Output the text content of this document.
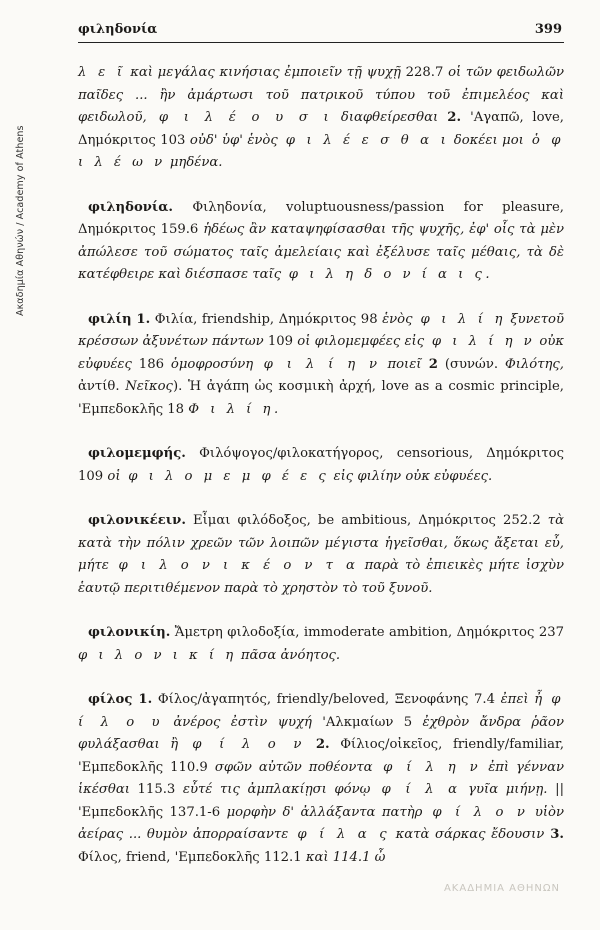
φιληδονία	399
Ακαδημία Αθηνών / Academy of Athens

λ ε ῖ καὶ μεγάλας κινήσιας ἐμποιεῖν τῇ ψυχῇ 228.7 οἱ τῶν φειδωλῶν παῖδες ... ἢν ἀμάρτωσι τοῦ πατρικοῦ τύπου τοῦ ἐπιμελέος καὶ φειδωλοῦ, φ ι λ έ ο υ σ ι διαφθείρεσθαι 2. 'Αγαπῶ, love, Δημόκριτος 103 οὐδ' ὑφ' ἑνὸς φ ι λ έ ε σ θ α ι δοκέει μοι ὁ φ ι λ έ ω ν μηδένα.

φιληδονία. Φιληδονία, voluptuousness/passion for pleasure, Δημόκριτος 159.6 ἡδέως ἂν καταψηφίσασθαι τῆς ψυχῆς, ἐφ' οἷς τὰ μὲν ἀπώλεσε τοῦ σώματος ταῖς ἀμελείαις καὶ ἐξέλυσε ταῖς μέθαις, τὰ δὲ κατέφθειρε καὶ διέσπασε ταῖς φ ι λ η δ ο ν ί α ι ς.

φιλίη 1. Φιλία, friendship, Δημόκριτος 98 ἑνὸς φ ι λ ί η ξυνετοῦ κρέσσων ἀξυνέτων πάντων 109 οἱ φιλομεμφέες εἰς φ ι λ ί η ν οὐκ εὐφυέες 186 ὁμοφροσύνη φ ι λ ί η ν ποιεῖ 2 (συνών. Φιλότης, ἀντίθ. Νεῖκος). Ἡ ἀγάπη ὡς κοσμικὴ ἀρχή, love as a cosmic principle, 'Εμπεδοκλῆς 18 Φ ι λ ί η.

φιλομεμφής. Φιλόψογος/φιλοκατήγορος, censorious, Δημόκριτος 109 οἱ φ ι λ ο μ ε μ φ έ ε ς εἰς φιλίην οὐκ εὐφυέες.

φιλονικέειν. Εἶμαι φιλόδοξος, be ambitious, Δημόκριτος 252.2 τὰ κατὰ τὴν πόλιν χρεῶν τῶν λοιπῶν μέγιστα ἡγεῖσθαι, ὅκως ἄξεται εὖ, μήτε φ ι λ ο ν ι κ έ ο ν τ α παρὰ τὸ ἐπιεικὲς μήτε ἰσχὺν ἑαυτῷ περιτιθέμενον παρὰ τὸ χρηστὸν τὸ τοῦ ξυνοῦ.

φιλονικίη. Ἄμετρη φιλοδοξία, immoderate ambition, Δημόκριτος 237 φ ι λ ο ν ι κ ί η πᾶσα ἀνόητος.

φίλος 1. Φίλος/ἀγαπητός, friendly/beloved, Ξενοφάνης 7.4 ἐπεὶ ἦ φ ί λ ο υ ἀνέρος ἐστὶν ψυχή 'Αλκμαίων 5 ἐχθρὸν ἄνδρα ῥᾶον φυλάξασθαι ἢ φ ί λ ο ν 2. Φίλιος/οἰκεῖος, friendly/familiar, 'Εμπεδοκλῆς 110.9 σφῶν αὐτῶν ποθέοντα φ ί λ η ν ἐπὶ γένναν ἱκέσθαι 115.3 εὖτέ τις ἀμπλακίῃσι φόνῳ φ ί λ α γυῖα μιήνῃ. || 'Εμπεδοκλῆς 137.1-6 μορφὴν δ' ἀλλάξαντα πατὴρ φ ί λ ο ν υἱὸν ἀείρας ... θυμὸν ἀπορραίσαντε φ ί λ α ς κατὰ σάρκας ἔδουσιν 3. Φίλος, friend, 'Εμπεδοκλῆς 112.1 καὶ 114.1 ὦ

ΑΚΑΔΗΜΙΑ ΑΘΗΝΩΝ
